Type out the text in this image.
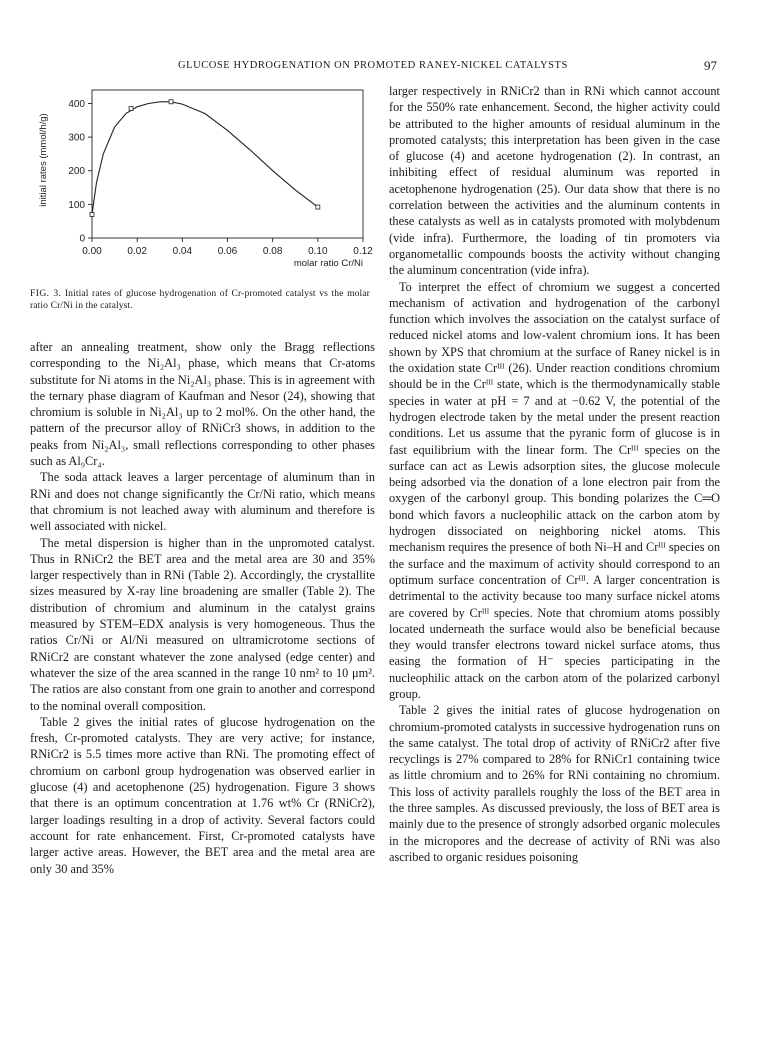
GLUCOSE HYDROGENATION ON PROMOTED RANEY-NICKEL CATALYSTS	97
0.00	0.02	0.04	0.06	0.08	0.10	0.12
0
100
200
300
400
molar ratio Cr/Ni
initial rates (mmol/h/g)
FIG. 3. Initial rates of glucose hydrogenation of Cr-promoted catalyst vs the molar ratio Cr/Ni in the catalyst.

after an annealing treatment, show only the Bragg reflections corresponding to the Ni₂Al₃ phase, which means that Cr-atoms substitute for Ni atoms in the Ni₂Al₃ phase. This is in agreement with the ternary phase diagram of Kaufman and Nesor (24), showing that chromium is soluble in Ni₂Al₃ up to 2 mol%. On the other hand, the pattern of the precursor alloy of RNiCr3 shows, in addition to the peaks from Ni₂Al₃, small reflections corresponding to other phases such as Al₉Cr₄.

The soda attack leaves a larger percentage of aluminum than in RNi and does not change significantly the Cr/Ni ratio, which means that chromium is not leached away with aluminum and therefore is well associated with nickel.

The metal dispersion is higher than in the unpromoted catalyst. Thus in RNiCr2 the BET area and the metal area are 30 and 35% larger respectively than in RNi (Table 2). Accordingly, the crystallite sizes measured by X-ray line broadening are smaller (Table 2). The distribution of chromium and aluminum in the catalyst grains measured by STEM–EDX analysis is very homogeneous. Thus the ratios Cr/Ni or Al/Ni measured on ultramicrotome sections of RNiCr2 are constant whatever the zone analysed (edge center) and whatever the size of the area scanned in the range 10 nm² to 10 μm². The ratios are also constant from one grain to another and correspond to the nominal overall composition.

Table 2 gives the initial rates of glucose hydrogenation on the fresh, Cr-promoted catalysts. They are very active; for instance, RNiCr2 is 5.5 times more active than RNi. The promoting effect of chromium on carbonl group hydrogenation was observed earlier in glucose (4) and acetophenone (25) hydrogenation. Figure 3 shows that there is an optimum concentration at 1.76 wt% Cr (RNiCr2), larger loadings resulting in a drop of activity. Several factors could account for rate enhancement. First, Cr-promoted catalysts have larger active areas. However, the BET area and the metal area are only 30 and 35%

larger respectively in RNiCr2 than in RNi which cannot account for the 550% rate enhancement. Second, the higher activity could be attributed to the higher amounts of residual aluminum in the promoted catalysts; this interpretation has been given in the case of glucose (4) and acetone hydrogenation (2). In contrast, an inhibiting effect of residual aluminum was reported in acetophenone hydrogenation (25). Our data show that there is no correlation between the activities and the aluminum contents in these catalysts as well as in catalysts promoted with molybdenum (vide infra). Furthermore, the loading of tin promoters via organometallic compounds boosts the activity without changing the aluminum concentration (vide infra).

To interpret the effect of chromium we suggest a concerted mechanism of activation and hydrogenation of the carbonyl function which involves the association on the catalyst surface of reduced nickel atoms and low-valent chromium ions. It has been shown by XPS that chromium at the surface of Raney nickel is in the oxidation state Crᴵᴵᴵ (26). Under reaction conditions chromium should be in the Crᴵᴵᴵ state, which is the thermodynamically stable species in water at pH = 7 and at −0.62 V, the potential of the hydrogen electrode taken by the metal under the present reaction conditions. Let us assume that the pyranic form of glucose is in fast equilibrium with the linear form. The Crᴵᴵᴵ species on the surface can act as Lewis adsorption sites, the glucose molecule being adsorbed via the donation of a lone electron pair from the oxygen of the carbonyl group. This bonding polarizes the C═O bond which favors a nucleophilic attack on the carbon atom by hydrogen dissociated on neighboring nickel atoms. This mechanism requires the presence of both Ni–H and Crᴵᴵᴵ species on the surface and the maximum of activity should correspond to an optimum surface concentration of Crᴵᴵᴵ. A larger concentration is detrimental to the activity because too many surface nickel atoms are covered by Crᴵᴵᴵ species. Note that chromium atoms possibly located underneath the surface would also be beneficial because they would transfer electrons toward nickel surface atoms, thus easing the formation of H⁻ species participating in the nucleophilic attack on the carbon atom of the polarized carbonyl group.

Table 2 gives the initial rates of glucose hydrogenation on chromium-promoted catalysts in successive hydrogenation runs on the same catalyst. The total drop of activity of RNiCr2 after five recyclings is 27% compared to 28% for RNiCr1 containing twice as little chromium and to 26% for RNi containing no chromium. This loss of activity parallels roughly the loss of the BET area in the three samples. As discussed previously, the loss of BET area is mainly due to the presence of strongly adsorbed organic molecules in the micropores and the decrease of activity of RNi was also ascribed to organic residues poisoning
